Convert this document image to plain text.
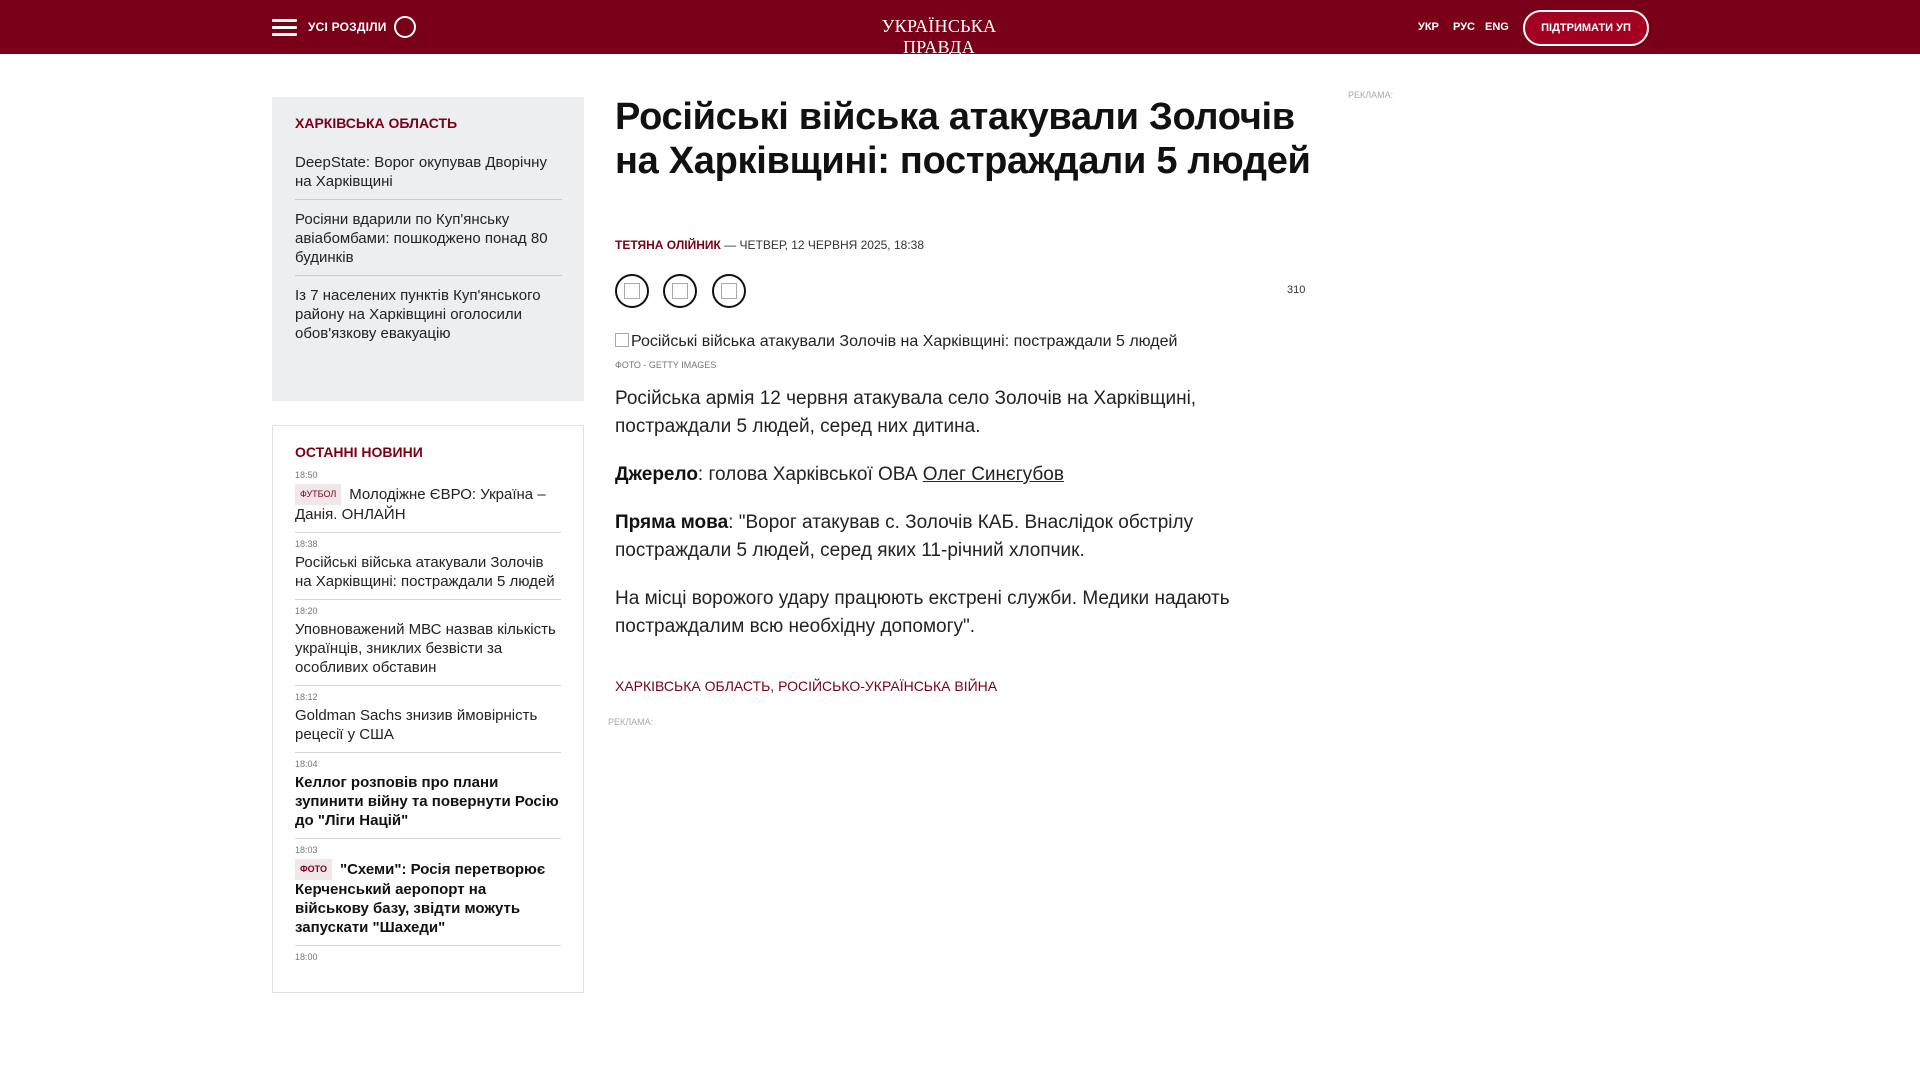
УСІ РОЗДІЛИ	УКРАЇНСЬКА ПРАВДА
УКР РУС ENG	ПІДТРИМАТИ УП
ХАРКІВСЬКА ОБЛАСТЬ
DeepState: Ворог окупував Дворічну на Харківщині
Росіяни вдарили по Куп'янську авіабомбами: пошкоджено понад 80 будинків
Із 7 населених пунктів Куп'янського району на Харківщині оголосили обов'язкову евакуацію
ОСТАННІ НОВИНИ
18:50
ФУТБОЛ Молодіжне ЄВРО: Україна – Данія. ОНЛАЙН
18:38
Російські війська атакували Золочів на Харківщині: постраждали 5 людей
18:20
Уповноважений МВС назвав кількість українців, зниклих безвісти за особливих обставин
18:12
Goldman Sachs знизив ймовірність рецесії у США
18:04
Келлог розповів про плани зупинити війну та повернути Росію до "Ліги Націй"
18:03
ФОТО "Схеми": Росія перетворює Керченський аеропорт на військову базу, звідти можуть запускати "Шахеди"
18:00
Російські війська атакували Золочів на Харківщині: постраждали 5 людей
ТЕТЯНА ОЛІЙНИК — ЧЕТВЕР, 12 ЧЕРВНЯ 2025, 18:38

310
Російські війська атакували Золочів на Харківщині: постраждали 5 людей
ФОТО - GETTY IMAGES

Російська армія 12 червня атакувала село Золочів на Харківщині, постраждали 5 людей, серед них дитина.

Джерело: голова Харківської ОВА Олег Синєгубов

Пряма мова: "Ворог атакував с. Золочів КАБ. Внаслідок обстрілу постраждали 5 людей, серед яких 11-річний хлопчик.

На місці ворожого удару працюють екстрені служби. Медики надають постраждалим всю необхідну допомогу".

ХАРКІВСЬКА ОБЛАСТЬ, РОСІЙСЬКО-УКРАЇНСЬКА ВІЙНА
РЕКЛАМА:
РЕКЛАМА:
